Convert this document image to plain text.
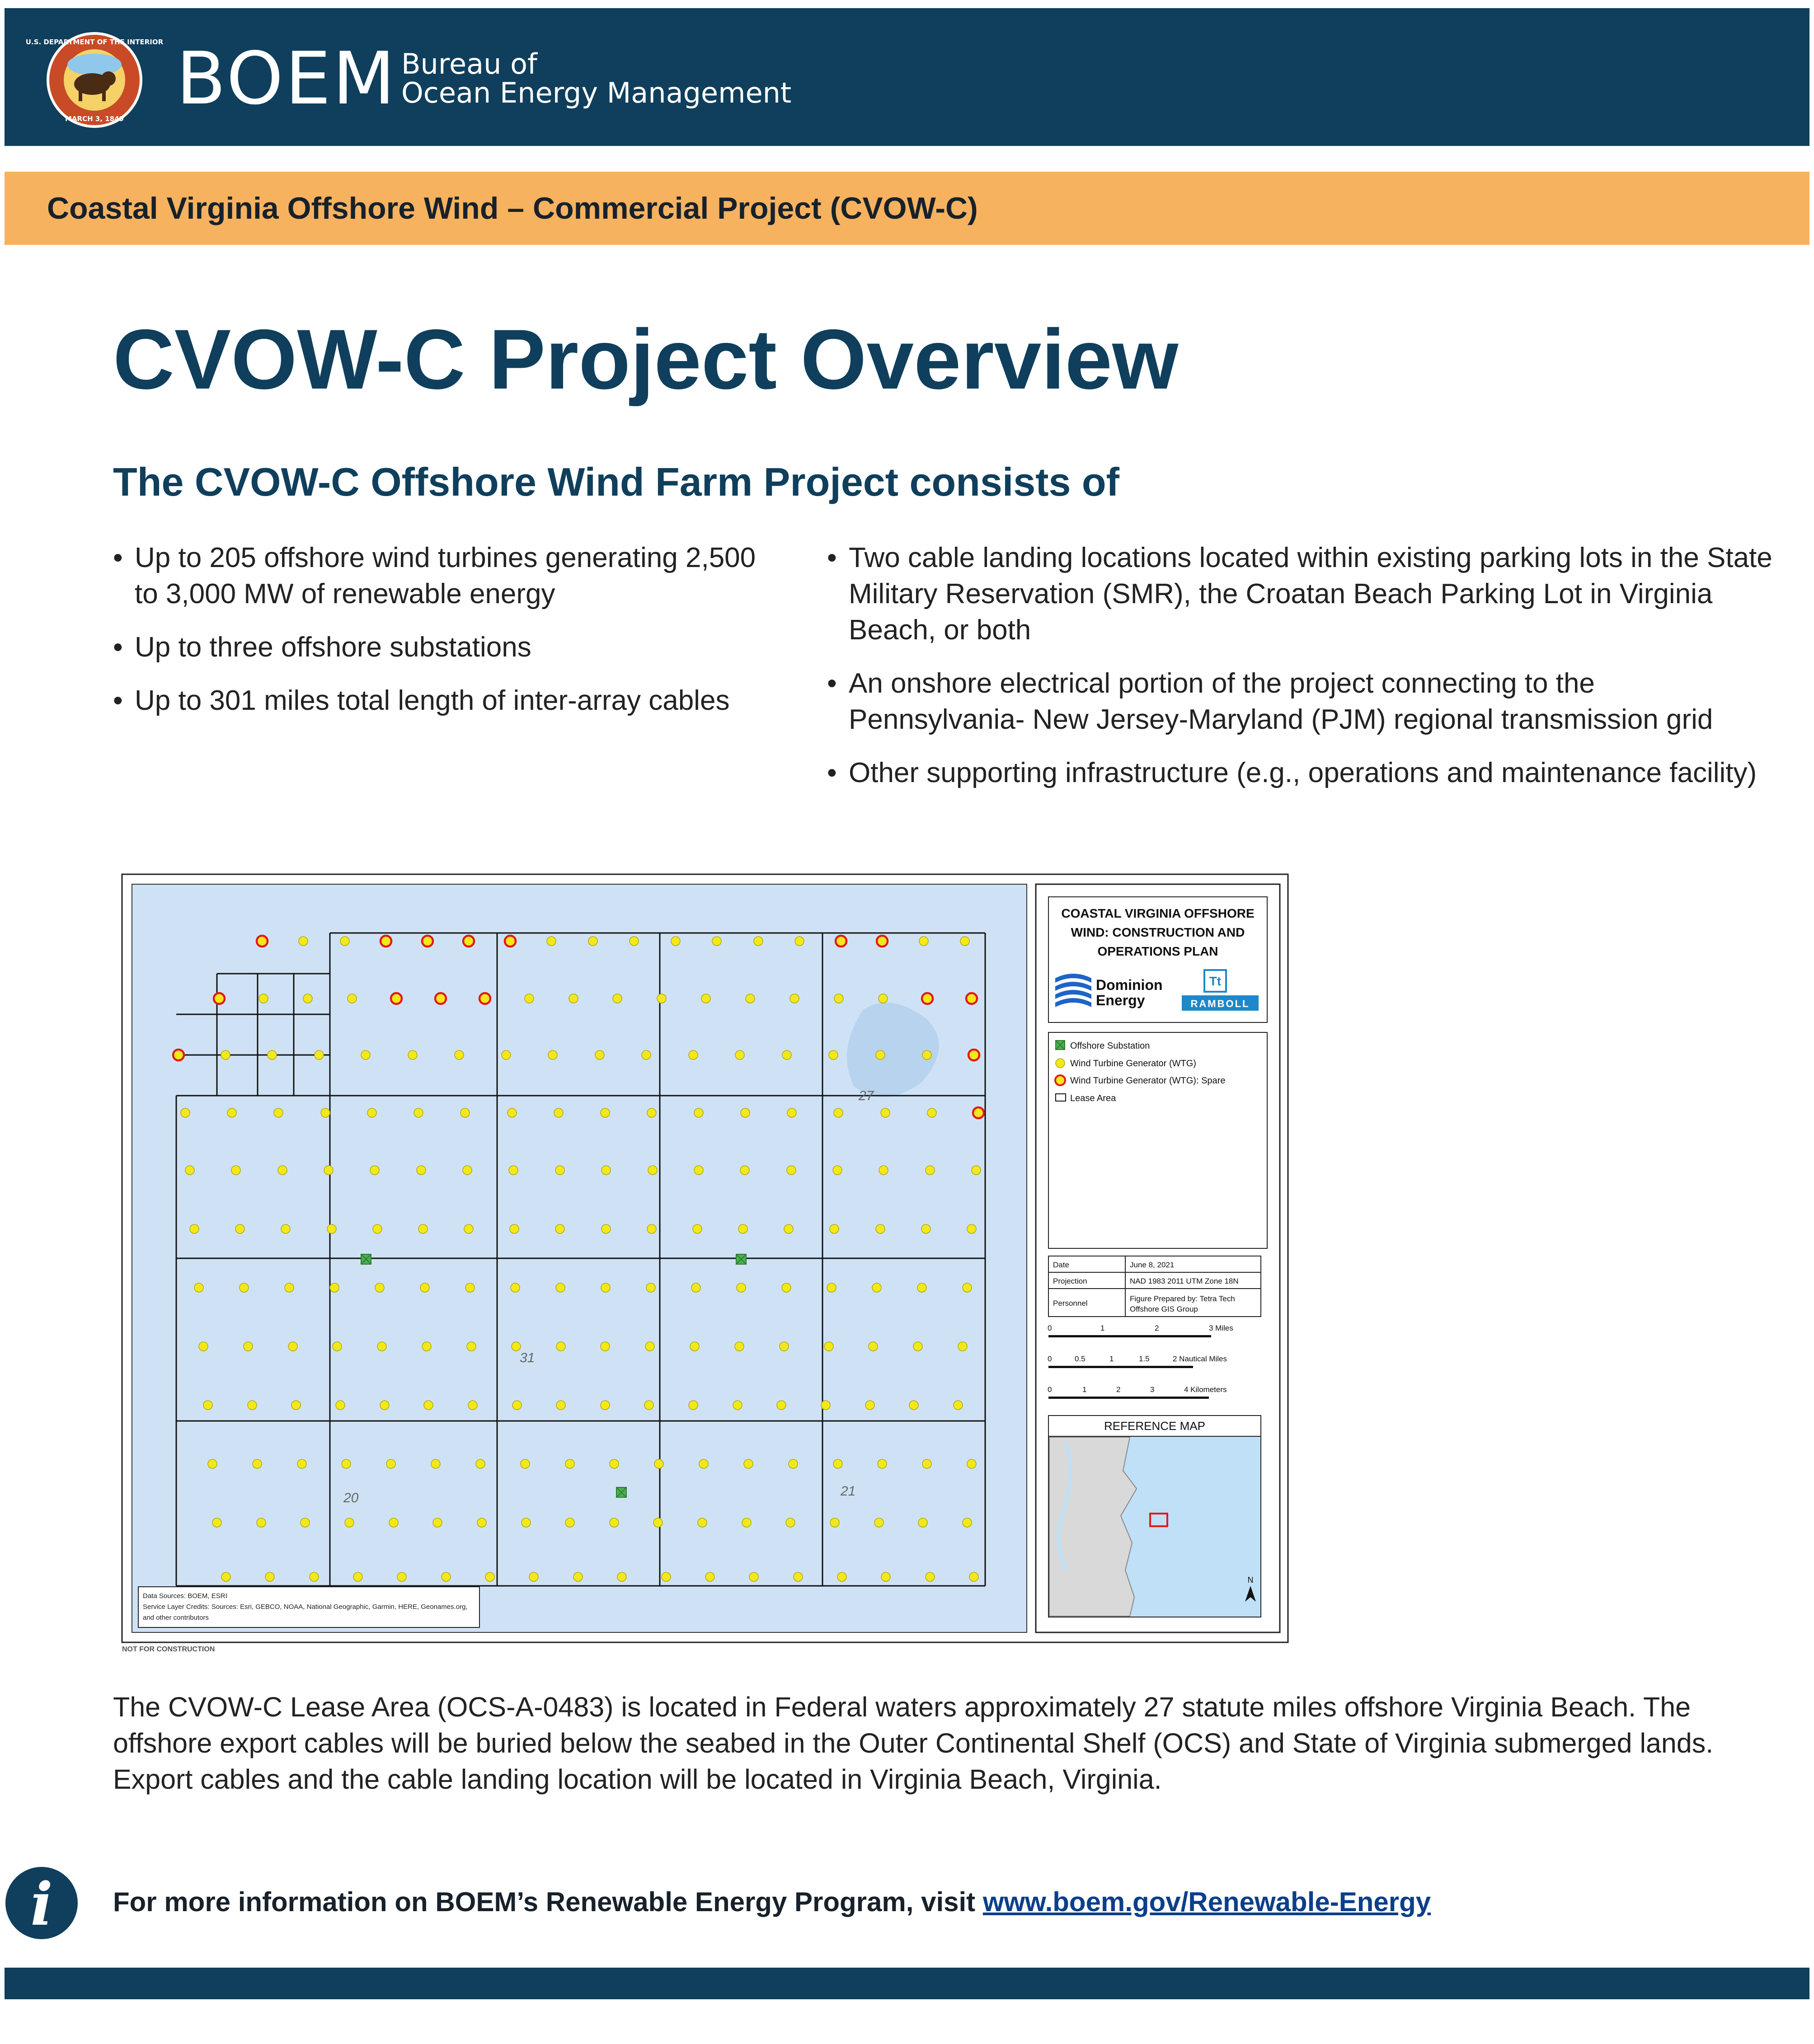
U.S. DEPARTMENT OF THE INTERIOR
MARCH 3, 1849 BOEM Bureau of
Ocean Energy Management
Coastal Virginia Offshore Wind – Commercial Project (CVOW-C)
CVOW-C Project Overview
The CVOW-C Offshore Wind Farm Project consists of
• Up to 205 offshore wind turbines generating 2,500 to 3,000 MW of renewable energy
• Up to three offshore substations
• Up to 301 miles total length of inter-array cables
• Two cable landing locations located within existing parking lots in the State Military Reservation (SMR), the Croatan Beach Parking Lot in Virginia Beach, or both
• An onshore electrical portion of the project connecting to the Pennsylvania- New Jersey-Maryland (PJM) regional transmission grid
• Other supporting infrastructure (e.g., operations and maintenance facility)
27
31
20	21
Data Sources: BOEM, ESRI
Service Layer Credits: Sources: Esri, GEBCO, NOAA, National Geographic, Garmin, HERE, Geonames.org,
and other contributors
NOT FOR CONSTRUCTION
COASTAL VIRGINIA OFFSHORE
WIND: CONSTRUCTION AND
OPERATIONS PLAN
Dominion
Energy
Tt
RAMBOLL
Offshore Substation
Wind Turbine Generator (WTG)
Wind Turbine Generator (WTG): Spare
Lease Area
Date	June 8, 2021
Projection	NAD 1983 2011 UTM Zone 18N
Personnel
Figure Prepared by: Tetra Tech
Offshore GIS Group
0	1	2	3 Miles
0	0.5	1	1.5	2 Nautical Miles
0	1	2	3	4 Kilometers
REFERENCE MAP
N
The CVOW-C Lease Area (OCS-A-0483) is located in Federal waters approximately 27 statute miles offshore Virginia Beach. The offshore export cables will be buried below the seabed in the Outer Continental Shelf (OCS) and State of Virginia submerged lands. Export cables and the cable landing location will be located in Virginia Beach, Virginia.
i For more information on BOEM’s Renewable Energy Program, visit www.boem.gov/Renewable-Energy
